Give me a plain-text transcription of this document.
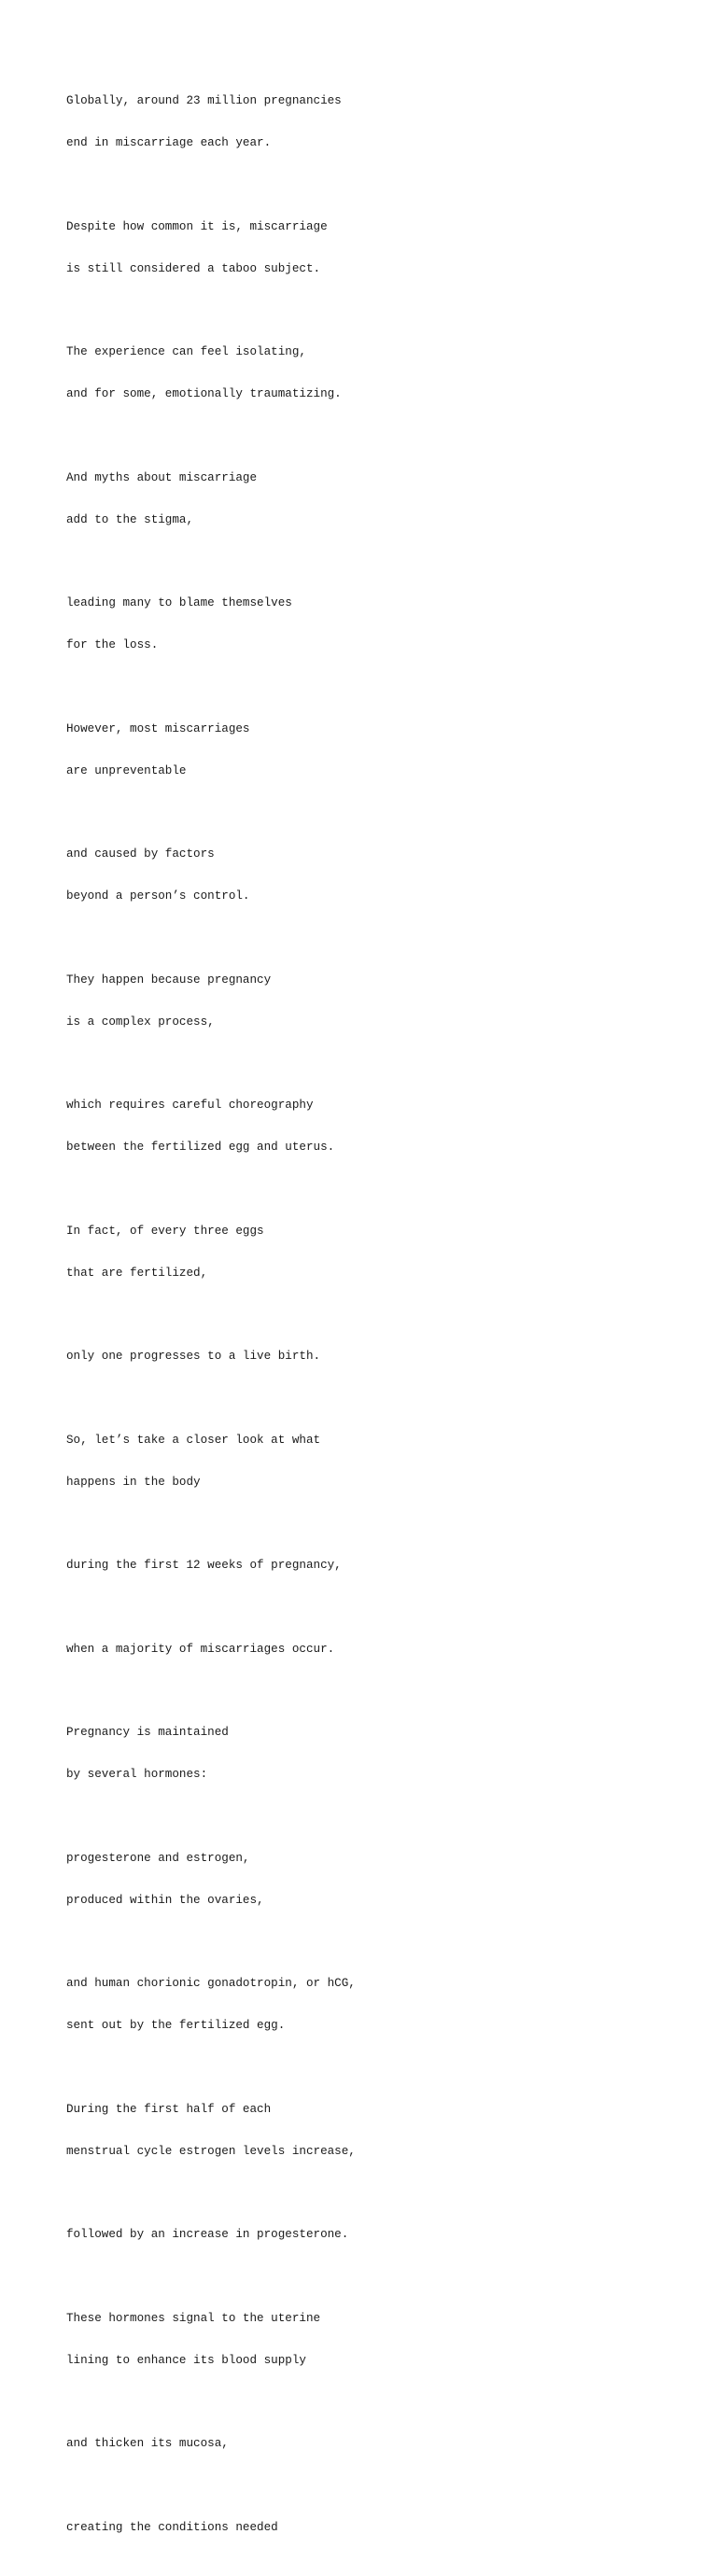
Globally, around 23 million pregnancies

end in miscarriage each year.

Despite how common it is, miscarriage

is still considered a taboo subject.

The experience can feel isolating,

and for some, emotionally traumatizing.

And myths about miscarriage

add to the stigma,

leading many to blame themselves

for the loss.

However, most miscarriages

are unpreventable

and caused by factors

beyond a person’s control.

They happen because pregnancy

is a complex process,

which requires careful choreography

between the fertilized egg and uterus.

In fact, of every three eggs

that are fertilized,

only one progresses to a live birth.

So, let’s take a closer look at what

happens in the body

during the first 12 weeks of pregnancy,

when a majority of miscarriages occur.

Pregnancy is maintained

by several hormones:

progesterone and estrogen,

produced within the ovaries,

and human chorionic gonadotropin, or hCG,

sent out by the fertilized egg.

During the first half of each

menstrual cycle estrogen levels increase,

followed by an increase in progesterone.

These hormones signal to the uterine

lining to enhance its blood supply

and thicken its mucosa,

creating the conditions needed
